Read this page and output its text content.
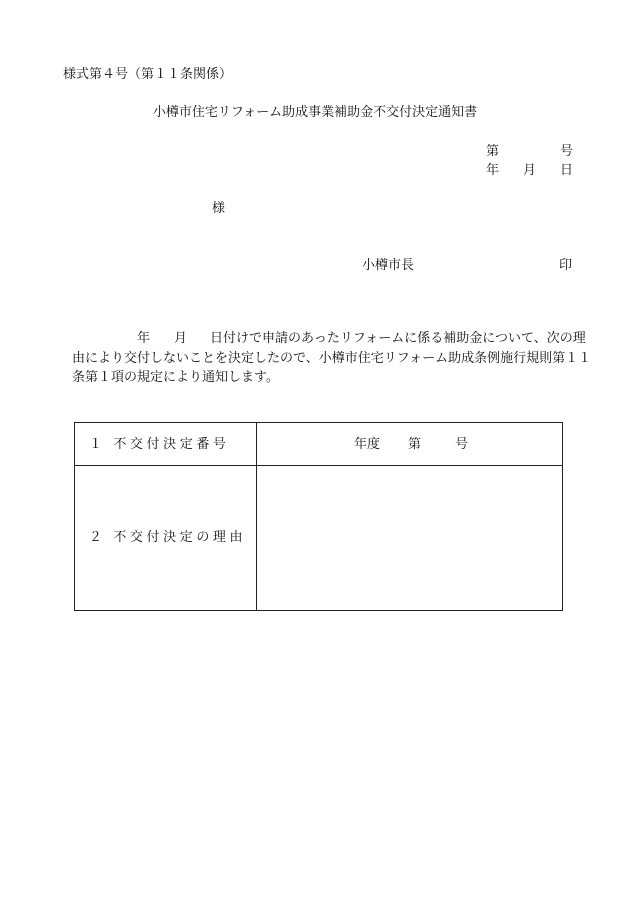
様式第４号（第１１条関係）
小樽市住宅リフォーム助成事業補助金不交付決定通知書
第	号
年 月 日
様
小樽市長	印
年 月 日付けで申請のあったリフォームに係る補助金について、次の理
由により交付しないことを決定したので、小樽市住宅リフォーム助成条例施行規則第１１
条第１項の規定により通知します。
１ 不交付決定番号	年度 第	号
２ 不交付決定の理由
